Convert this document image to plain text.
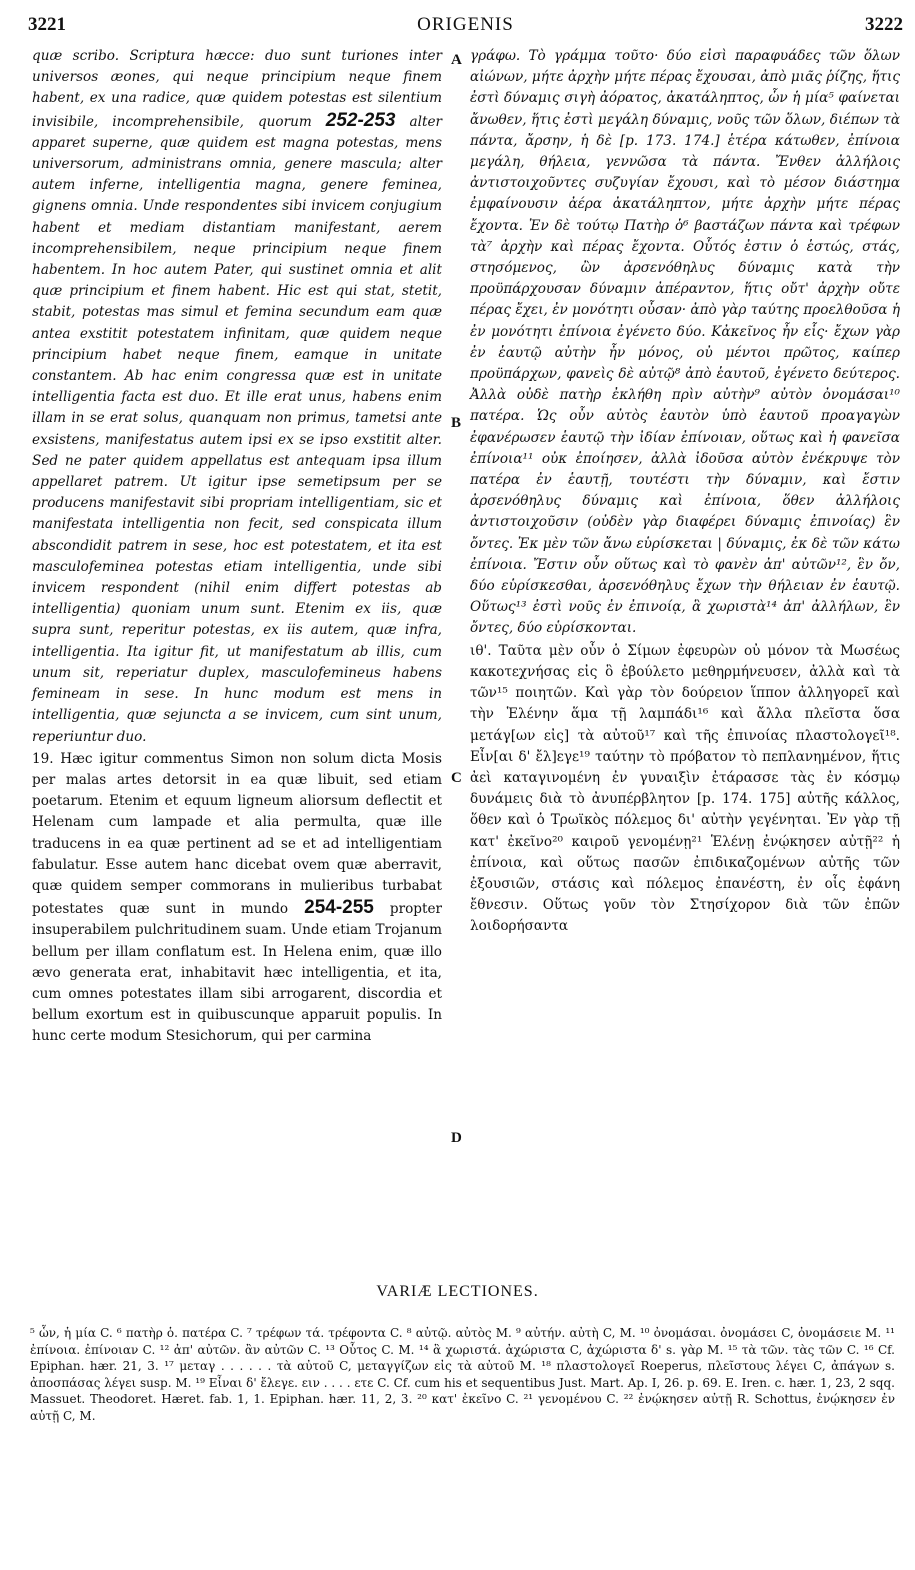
3221	ORIGENIS	3222

quæ scribo. Scriptura hæcce: duo sunt turiones inter universos æones, qui neque principium neque finem habent, ex una radice, quæ quidem potestas est silentium invisibile, incomprehensibile, quorum 252-253 alter apparet superne, quæ quidem est magna potestas, mens universorum, administrans omnia, genere mascula; alter autem inferne, intelligentia magna, genere feminea, gignens omnia. Unde respondentes sibi invicem conjugium habent et mediam distantiam manifestant, aerem incomprehensibilem, neque principium neque finem habentem. In hoc autem Pater, qui sustinet omnia et alit quæ principium et finem habent. Hic est qui stat, stetit, stabit, potestas mas simul et femina secundum eam quæ antea exstitit potestatem infinitam, quæ quidem neque principium habet neque finem, eamque in unitate constantem. Ab hac enim congressa quæ est in unitate intelligentia facta est duo. Et ille erat unus, habens enim illam in se erat solus, quanquam non primus, tametsi ante exsistens, manifestatus autem ipsi ex se ipso exstitit alter. Sed ne pater quidem appellatus est antequam ipsa illum appellaret patrem. Ut igitur ipse semetipsum per se producens manifestavit sibi propriam intelligentiam, sic et manifestata intelligentia non fecit, sed conspicata illum abscondidit patrem in sese, hoc est potestatem, et ita est masculofeminea potestas etiam intelligentia, unde sibi invicem respondent (nihil enim differt potestas ab intelligentia) quoniam unum sunt. Etenim ex iis, quæ supra sunt, reperitur potestas, ex iis autem, quæ infra, intelligentia. Ita igitur fit, ut manifestatum ab illis, cum unum sit, reperiatur duplex, masculofemineus habens femineam in sese. In hunc modum est mens in intelligentia, quæ sejuncta a se invicem, cum sint unum, reperiuntur duo.

19. Hæc igitur commentus Simon non solum dicta Mosis per malas artes detorsit in ea quæ libuit, sed etiam poetarum. Etenim et equum ligneum aliorsum deflectit et Helenam cum lampade et alia permulta, quæ ille traducens in ea quæ pertinent ad se et ad intelligentiam fabulatur. Esse autem hanc dicebat ovem quæ aberravit, quæ quidem semper commorans in mulieribus turbabat potestates quæ sunt in mundo 254-255 propter insuperabilem pulchritudinem suam. Unde etiam Trojanum bellum per illam conflatum est. In Helena enim, quæ illo ævo generata erat, inhabitavit hæc intelligentia, et ita, cum omnes potestates illam sibi arrogarent, discordia et bellum exortum est in quibuscunque apparuit populis. In hunc certe modum Stesichorum, qui per carmina

A
B
C
D

γράφω. Τὸ γράμμα τοῦτο· δύο εἰσὶ παραφυάδες τῶν ὅλων αἰώνων, μήτε ἀρχὴν μήτε πέρας ἔχουσαι, ἀπὸ μιᾶς ῥίζης, ἥτις ἐστὶ δύναμις σιγὴ ἀόρατος, ἀκατάληπτος, ὧν ἡ μία⁵ φαίνεται ἄνωθεν, ἥτις ἐστὶ μεγάλη δύναμις, νοῦς τῶν ὅλων, διέπων τὰ πάντα, ἄρσην, ἡ δὲ [p. 173. 174.] ἑτέρα κάτωθεν, ἐπίνοια μεγάλη, θήλεια, γεννῶσα τὰ πάντα. Ἔνθεν ἀλλήλοις ἀντιστοιχοῦντες συζυγίαν ἔχουσι, καὶ τὸ μέσον διάστημα ἐμφαίνουσιν ἀέρα ἀκατάληπτον, μήτε ἀρχὴν μήτε πέρας ἔχοντα. Ἐν δὲ τούτῳ Πατὴρ ὁ⁶ βαστάζων πάντα καὶ τρέφων τὰ⁷ ἀρχὴν καὶ πέρας ἔχοντα. Οὗτός ἐστιν ὁ ἑστώς, στάς, στησόμενος, ὢν ἀρσενόθηλυς δύναμις κατὰ τὴν προϋπάρχουσαν δύναμιν ἀπέραντον, ἥτις οὔτ' ἀρχὴν οὔτε πέρας ἔχει, ἐν μονότητι οὖσαν· ἀπὸ γὰρ ταύτης προελθοῦσα ἡ ἐν μονότητι ἐπίνοια ἐγένετο δύο. Κἀκεῖνος ἦν εἷς· ἔχων γὰρ ἐν ἑαυτῷ αὐτὴν ἦν μόνος, οὐ μέντοι πρῶτος, καίπερ προϋπάρχων, φανεὶς δὲ αὐτῷ⁸ ἀπὸ ἑαυτοῦ, ἐγένετο δεύτερος. Ἀλλὰ οὐδὲ πατὴρ ἐκλήθη πρὶν αὐτὴν⁹ αὐτὸν ὀνομάσαι¹⁰ πατέρα. Ὡς οὖν αὐτὸς ἑαυτὸν ὑπὸ ἑαυτοῦ προαγαγὼν ἐφανέρωσεν ἑαυτῷ τὴν ἰδίαν ἐπίνοιαν, οὕτως καὶ ἡ φανεῖσα ἐπίνοια¹¹ οὐκ ἐποίησεν, ἀλλὰ ἰδοῦσα αὐτὸν ἐνέκρυψε τὸν πατέρα ἐν ἑαυτῇ, τουτέστι τὴν δύναμιν, καὶ ἔστιν ἀρσενόθηλυς δύναμις καὶ ἐπίνοια, ὅθεν ἀλλήλοις ἀντιστοιχοῦσιν (οὐδὲν γὰρ διαφέρει δύναμις ἐπινοίας) ἓν ὄντες. Ἐκ μὲν τῶν ἄνω εὑρίσκεται | δύναμις, ἐκ δὲ τῶν κάτω ἐπίνοια. Ἔστιν οὖν οὕτως καὶ τὸ φανὲν ἀπ' αὐτῶν¹², ἓν ὄν, δύο εὑρίσκεσθαι, ἀρσενόθηλυς ἔχων τὴν θήλειαν ἐν ἑαυτῷ. Οὕτως¹³ ἐστὶ νοῦς ἐν ἐπινοίᾳ, ἃ χωριστὰ¹⁴ ἀπ' ἀλλήλων, ἓν ὄντες, δύο εὑρίσκονται.

ιθ'. Ταῦτα μὲν οὖν ὁ Σίμων ἐφευρὼν οὐ μόνον τὰ Μωσέως κακοτεχνήσας εἰς ὃ ἐβούλετο μεθηρμήνευσεν, ἀλλὰ καὶ τὰ τῶν¹⁵ ποιητῶν. Καὶ γὰρ τὸν δούρειον ἵππον ἀλληγορεῖ καὶ τὴν Ἑλένην ἅμα τῇ λαμπάδι¹⁶ καὶ ἄλλα πλεῖστα ὅσα μετάγ[ων εἰς] τὰ αὐτοῦ¹⁷ καὶ τῆς ἐπινοίας πλαστολογεῖ¹⁸. Εἶν[αι δ' ἔλ]εγε¹⁹ ταύτην τὸ πρόβατον τὸ πεπλανημένον, ἥτις ἀεὶ καταγινομένη ἐν γυναιξὶν ἐτάρασσε τὰς ἐν κόσμῳ δυνάμεις διὰ τὸ ἀνυπέρβλητον [p. 174. 175] αὐτῆς κάλλος, ὅθεν καὶ ὁ Τρωϊκὸς πόλεμος δι' αὐτὴν γεγένηται. Ἐν γὰρ τῇ κατ' ἐκεῖνο²⁰ καιροῦ γενομένῃ²¹ Ἑλένῃ ἐνῴκησεν αὐτῇ²² ἡ ἐπίνοια, καὶ οὕτως πασῶν ἐπιδικαζομένων αὐτῆς τῶν ἐξουσιῶν, στάσις καὶ πόλεμος ἐπανέστη, ἐν οἷς ἐφάνη ἔθνεσιν. Οὕτως γοῦν τὸν Στησίχορον διὰ τῶν ἐπῶν λοιδορήσαντα

VARIÆ LECTIONES.

⁵ ὧν, ἡ μία C. ⁶ πατὴρ ὁ. πατέρα C. ⁷ τρέφων τά. τρέφοντα C. ⁸ αὐτῷ. αὐτὸς M. ⁹ αὐτήν. αὐτὴ C, M. ¹⁰ ὀνομάσαι. ὀνομάσει C, ὀνομάσειε M. ¹¹ ἐπίνοια. ἐπίνοιαν C. ¹² ἀπ' αὐτῶν. ἂν αὐτῶν C. ¹³ Οὗτος C. M. ¹⁴ ἃ χωριστά. ἀχώριστα C, ἀχώριστα δ' s. γὰρ M. ¹⁵ τὰ τῶν. τὰς τῶν C. ¹⁶ Cf. Epiphan. hær. 21, 3. ¹⁷ μεταγ . . . . . . τὰ αὐτοῦ C, μεταγγίζων εἰς τὰ αὐτοῦ M. ¹⁸ πλαστολογεῖ Roeperus, πλεῖστους λέγει C, ἀπάγων s. ἀποσπάσας λέγει susp. M. ¹⁹ Εἶναι δ' ἔλεγε. ειν . . . . ετε C. Cf. cum his et sequentibus Just. Mart. Ap. I, 26. p. 69. E. Iren. c. hær. 1, 23, 2 sqq. Massuet. Theodoret. Hæret. fab. 1, 1. Epiphan. hær. 11, 2, 3. ²⁰ κατ' ἐκεῖνο C. ²¹ γενομένου C. ²² ἐνῴκησεν αὐτῇ R. Schottus, ἐνῴκησεν ἐν αὐτῇ C, M.
